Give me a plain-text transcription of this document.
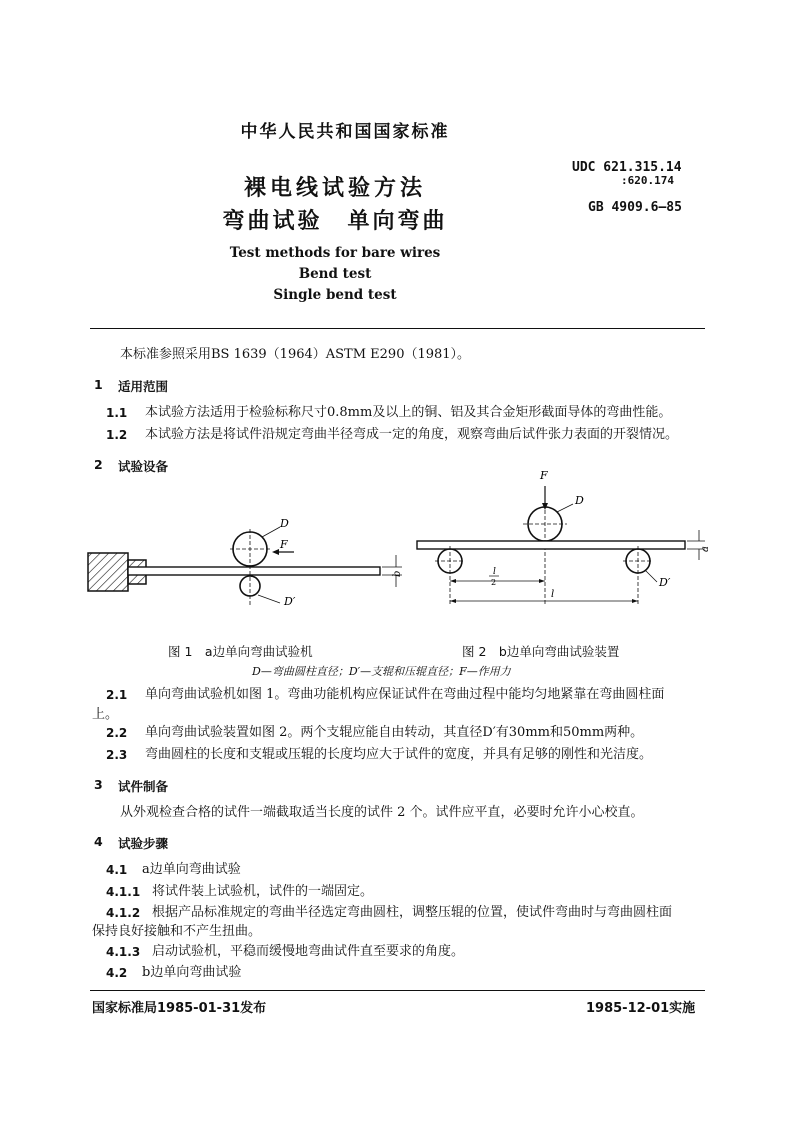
中华人民共和国国家标准
裸电线试验方法
弯曲试验　单向弯曲
Test methods for bare wires
Bend test
Single bend test
UDC 621.315.14
:620.174
GB 4909.6—85
本标准参照采用BS 1639（1964）ASTM E290（1981）。
1 适用范围
1.1 本试验方法适用于检验标称尺寸0.8mm及以上的铜、铝及其合金矩形截面导体的弯曲性能。
1.2 本试验方法是将试件沿规定弯曲半径弯成一定的角度，观察弯曲后试件张力表面的开裂情况。
2 试验设备
D
D′
F
b
F
D
D′
l
2
l
a
图 1　a边单向弯曲试验机	图 2　b边单向弯曲试验装置
D—弯曲圆柱直径；D′—支辊和压辊直径；F—作用力
2.1 单向弯曲试验机如图 1。弯曲功能机构应保证试件在弯曲过程中能均匀地紧靠在弯曲圆柱面
上。
2.2 单向弯曲试验装置如图 2。两个支辊应能自由转动，其直径D′有30mm和50mm两种。
2.3 弯曲圆柱的长度和支辊或压辊的长度均应大于试件的宽度，并具有足够的刚性和光洁度。
3 试件制备
从外观检查合格的试件一端截取适当长度的试件 2 个。试件应平直，必要时允许小心校直。
4 试验步骤
4.1 a边单向弯曲试验
4.1.1 将试件装上试验机，试件的一端固定。
4.1.2 根据产品标准规定的弯曲半径选定弯曲圆柱，调整压辊的位置，使试件弯曲时与弯曲圆柱面
保持良好接触和不产生扭曲。
4.1.3 启动试验机，平稳而缓慢地弯曲试件直至要求的角度。
4.2 b边单向弯曲试验
国家标准局1985-01-31发布	1985-12-01实施
